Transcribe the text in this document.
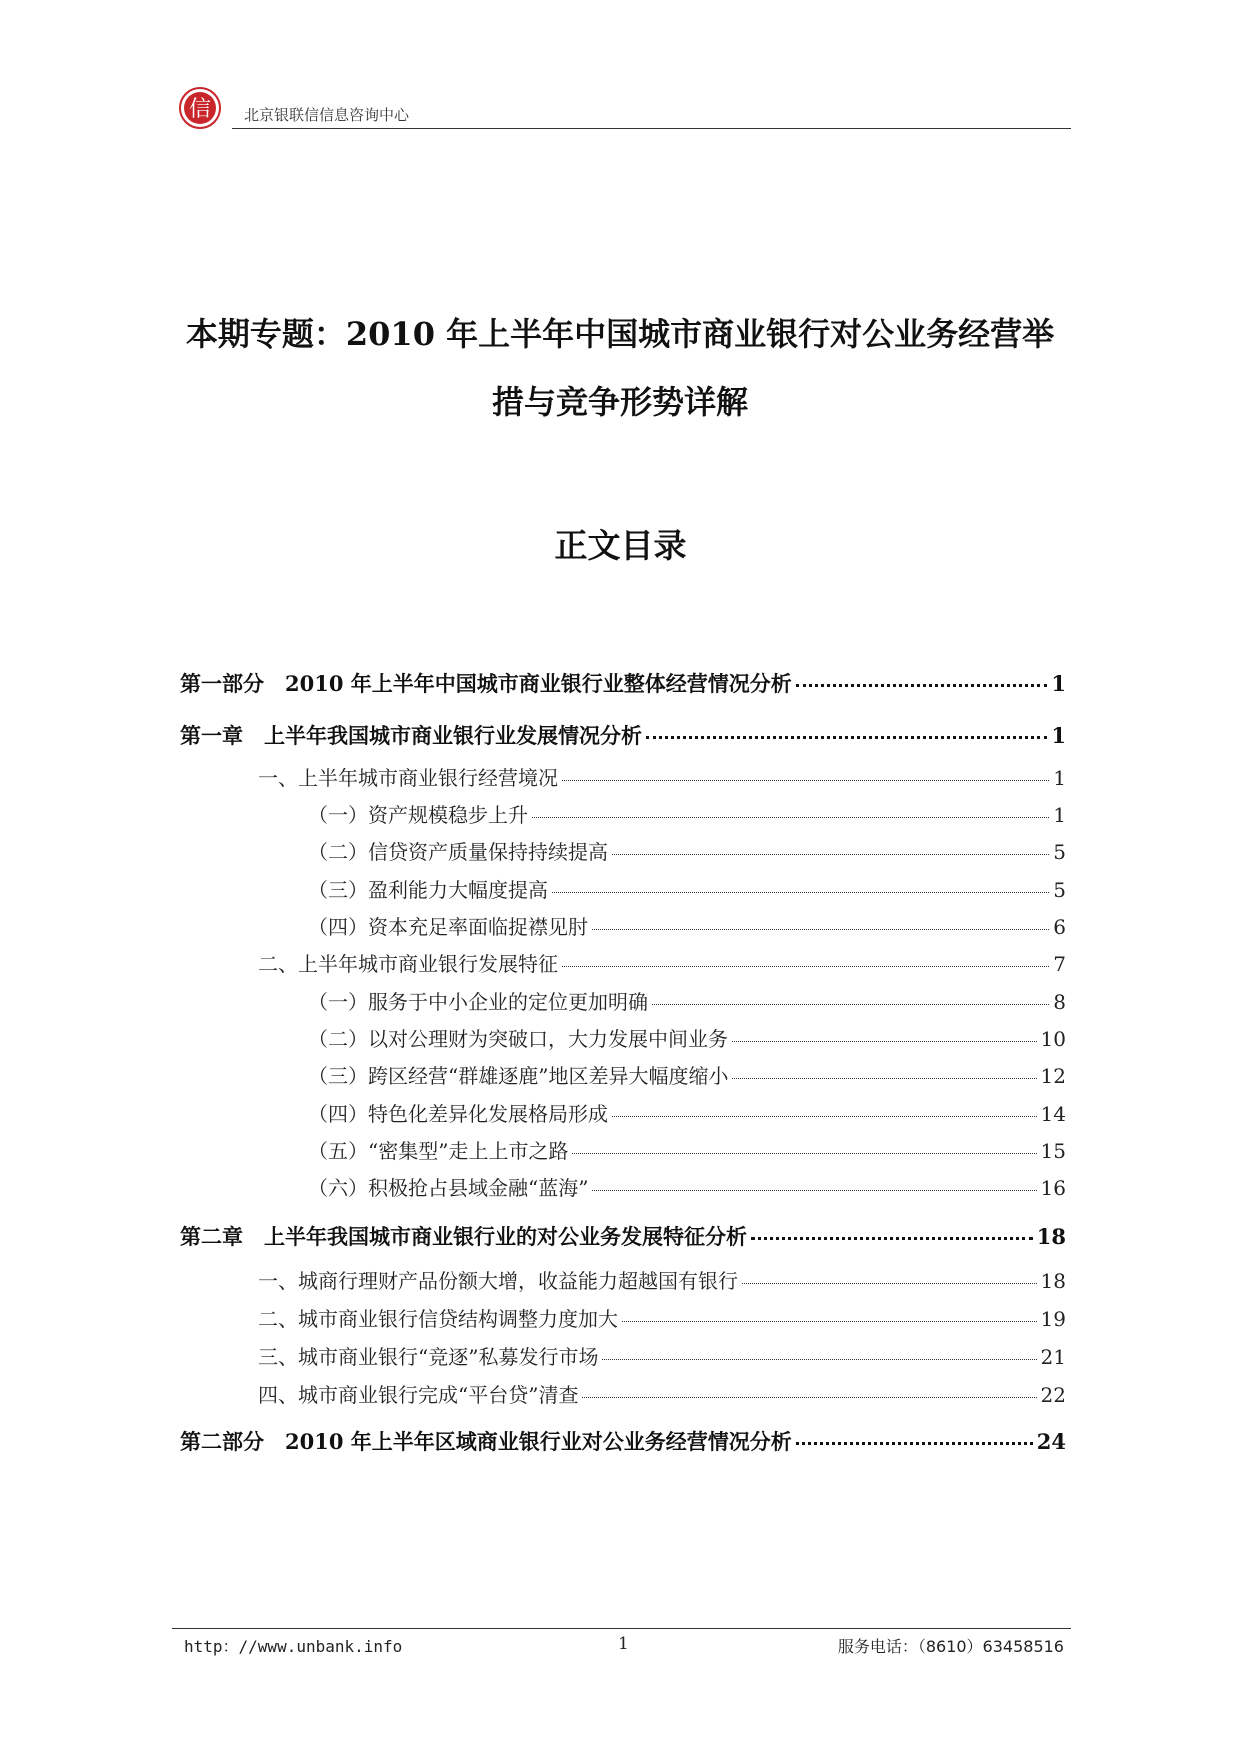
信 北京银联信信息咨询中心
本期专题：2010 年上半年中国城市商业银行对公业务经营举
措与竞争形势详解
正文目录
第一部分　2010 年上半年中国城市商业银行业整体经营情况分析	1
第一章　上半年我国城市商业银行业发展情况分析	1
一、上半年城市商业银行经营境况	1
（一）资产规模稳步上升	1
（二）信贷资产质量保持持续提高	5
（三）盈利能力大幅度提高	5
（四）资本充足率面临捉襟见肘	6
二、上半年城市商业银行发展特征	7
（一）服务于中小企业的定位更加明确	8
（二）以对公理财为突破口，大力发展中间业务	10
（三）跨区经营“群雄逐鹿”地区差异大幅度缩小	12
（四）特色化差异化发展格局形成	14
（五）“密集型”走上上市之路	15
（六）积极抢占县域金融“蓝海”	16
第二章　上半年我国城市商业银行业的对公业务发展特征分析	18
一、城商行理财产品份额大增，收益能力超越国有银行	18
二、城市商业银行信贷结构调整力度加大	19
三、城市商业银行“竞逐”私募发行市场	21
四、城市商业银行完成“平台贷”清查	22
第二部分　2010 年上半年区域商业银行业对公业务经营情况分析	24
http：//www.unbank.info	1	服务电话：（8610）63458516
